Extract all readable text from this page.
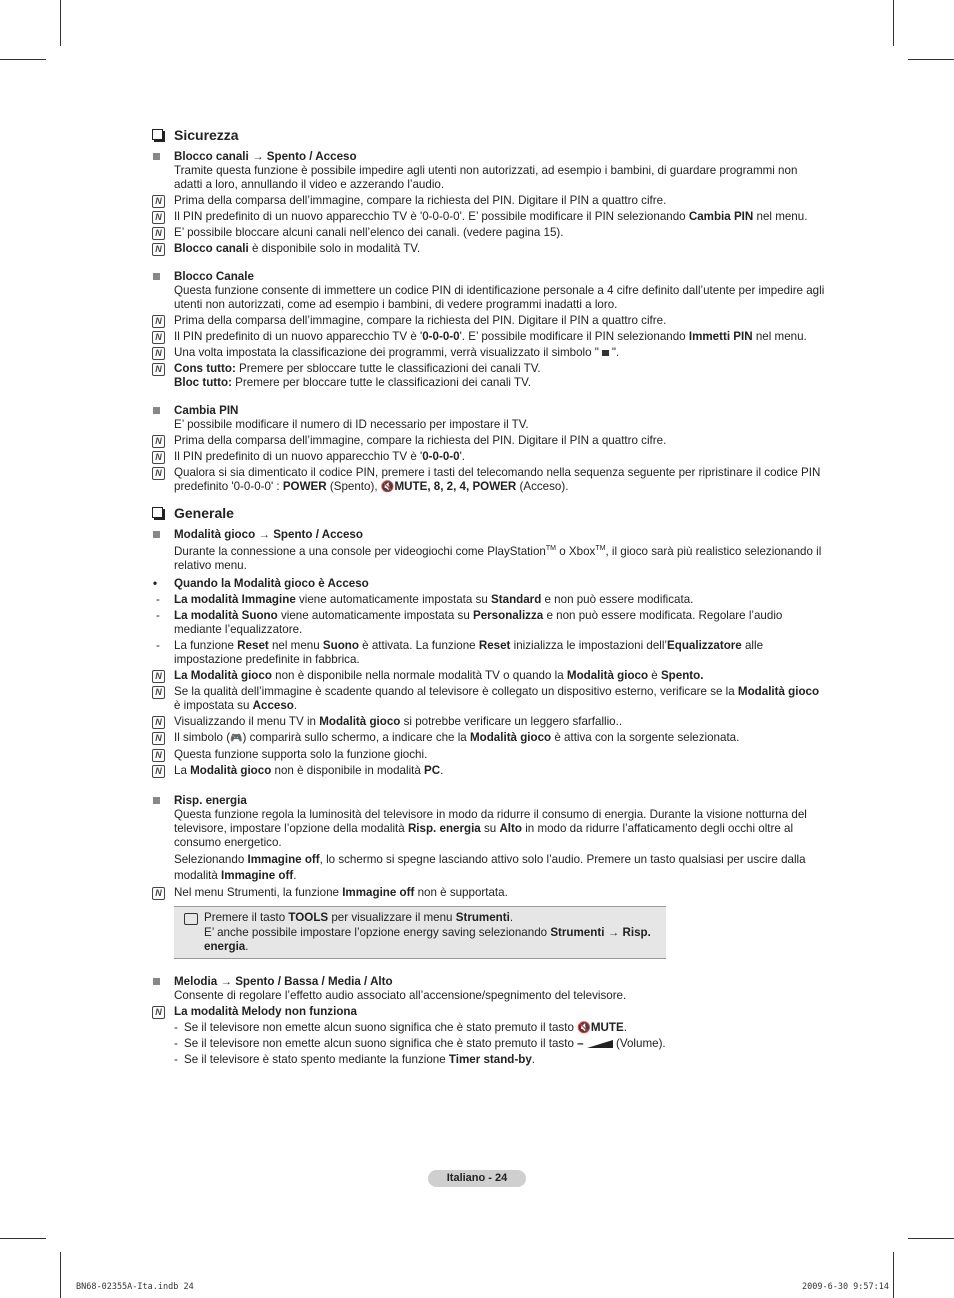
Sicurezza
Blocco canali → Spento / Acceso
Tramite questa funzione è possibile impedire agli utenti non autorizzati, ad esempio i bambini, di guardare programmi non adatti a loro, annullando il video e azzerando l’audio.
N Prima della comparsa dell’immagine, compare la richiesta del PIN. Digitare il PIN a quattro cifre.
N Il PIN predefinito di un nuovo apparecchio TV è '0-0-0-0'. E’ possibile modificare il PIN selezionando Cambia PIN nel menu.
N E’ possibile bloccare alcuni canali nell’elenco dei canali. (vedere pagina 15).
N Blocco canali è disponibile solo in modalità TV.
Blocco Canale
Questa funzione consente di immettere un codice PIN di identificazione personale a 4 cifre definito dall’utente per impedire agli utenti non autorizzati, come ad esempio i bambini, di vedere programmi inadatti a loro.
N Prima della comparsa dell’immagine, compare la richiesta del PIN. Digitare il PIN a quattro cifre.
N Il PIN predefinito di un nuovo apparecchio TV è '0-0-0-0'. E’ possibile modificare il PIN selezionando Immetti PIN nel menu.
N Una volta impostata la classificazione dei programmi, verrà visualizzato il simbolo " ".
N Cons tutto: Premere per sbloccare tutte le classificazioni dei canali TV.
Bloc tutto: Premere per bloccare tutte le classificazioni dei canali TV.
Cambia PIN
E’ possibile modificare il numero di ID necessario per impostare il TV.
N Prima della comparsa dell’immagine, compare la richiesta del PIN. Digitare il PIN a quattro cifre.
N Il PIN predefinito di un nuovo apparecchio TV è '0-0-0-0'.
N Qualora si sia dimenticato il codice PIN, premere i tasti del telecomando nella sequenza seguente per ripristinare il codice PIN predefinito '0-0-0-0' : POWER (Spento), 🔇MUTE, 8, 2, 4, POWER (Acceso).
Generale
Modalità gioco → Spento / Acceso
Durante la connessione a una console per videogiochi come PlayStation™ o Xbox™, il gioco sarà più realistico selezionando il relativo menu.
• Quando la Modalità gioco è Acceso
- La modalità Immagine viene automaticamente impostata su Standard e non può essere modificata.
- La modalità Suono viene automaticamente impostata su Personalizza e non può essere modificata. Regolare l’audio mediante l’equalizzatore.
- La funzione Reset nel menu Suono è attivata. La funzione Reset inizializza le impostazioni dell’Equalizzatore alle impostazione predefinite in fabbrica.
N La Modalità gioco non è disponibile nella normale modalità TV o quando la Modalità gioco è Spento.
N Se la qualità dell’immagine è scadente quando al televisore è collegato un dispositivo esterno, verificare se la Modalità gioco è impostata su Acceso.
N Visualizzando il menu TV in Modalità gioco si potrebbe verificare un leggero sfarfallio..
N Il simbolo (🎮) comparirà sullo schermo, a indicare che la Modalità gioco è attiva con la sorgente selezionata.
N Questa funzione supporta solo la funzione giochi.
N La Modalità gioco non è disponibile in modalità PC.
Risp. energia
Questa funzione regola la luminosità del televisore in modo da ridurre il consumo di energia. Durante la visione notturna del televisore, impostare l’opzione della modalità Risp. energia su Alto in modo da ridurre l’affaticamento degli occhi oltre al consumo energetico.
Selezionando Immagine off, lo schermo si spegne lasciando attivo solo l’audio. Premere un tasto qualsiasi per uscire dalla modalità Immagine off.
N Nel menu Strumenti, la funzione Immagine off non è supportata.
Premere il tasto TOOLS per visualizzare il menu Strumenti.
E’ anche possibile impostare l’opzione energy saving selezionando Strumenti → Risp. energia.
Melodia → Spento / Bassa / Media / Alto
Consente di regolare l’effetto audio associato all’accensione/spegnimento del televisore.
N La modalità Melody non funziona
- Se il televisore non emette alcun suono significa che è stato premuto il tasto 🔇MUTE.
- Se il televisore non emette alcun suono significa che è stato premuto il tasto –	(Volume).
- Se il televisore è stato spento mediante la funzione Timer stand-by.
Italiano - 24
BN68-02355A-Ita.indb 24	2009-6-30 9:57:14
